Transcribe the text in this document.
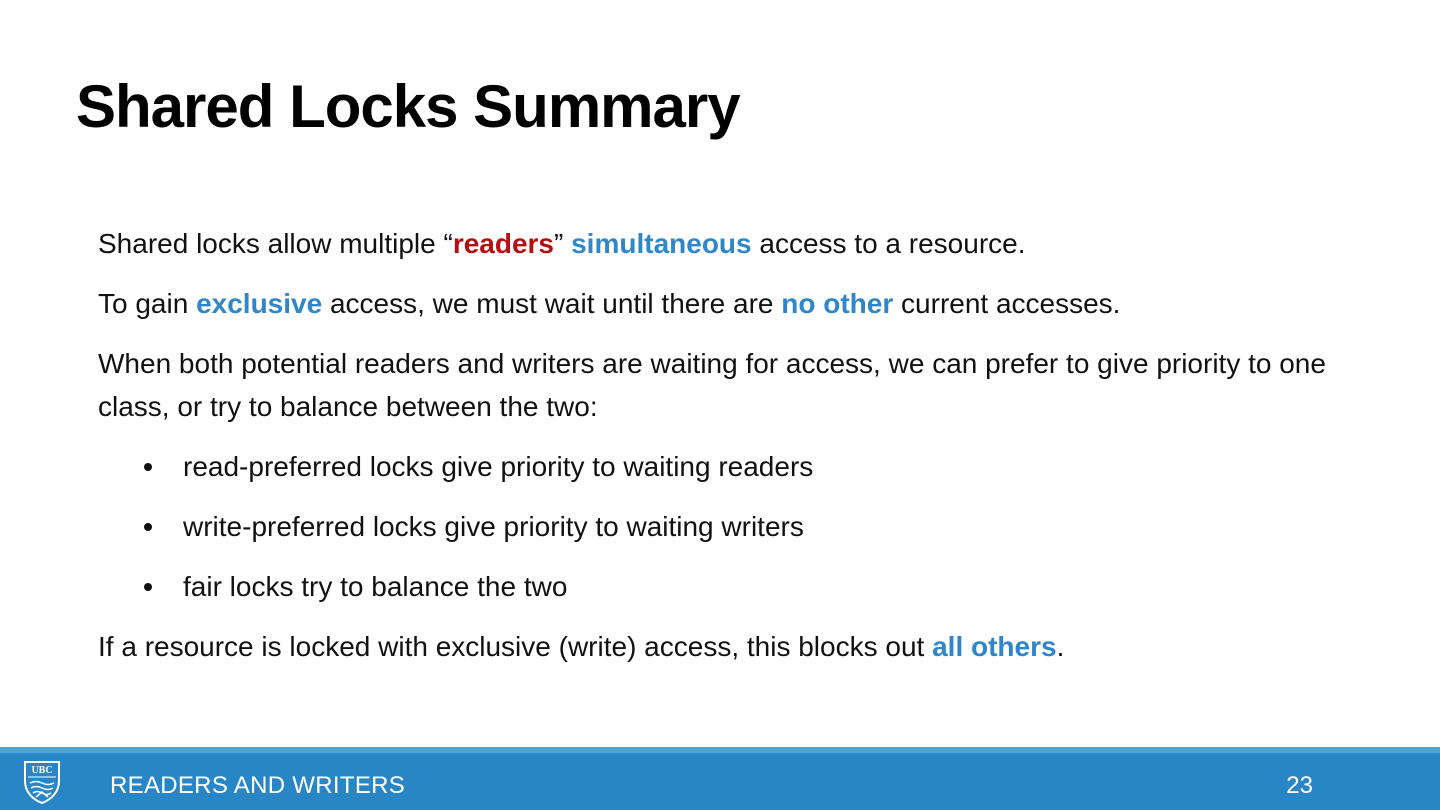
Shared Locks Summary

Shared locks allow multiple “readers” simultaneous access to a resource.

To gain exclusive access, we must wait until there are no other current accesses.

When both potential readers and writers are waiting for access, we can prefer to give priority to one class, or try to balance between the two:

read-preferred locks give priority to waiting readers
write-preferred locks give priority to waiting writers
fair locks try to balance the two

If a resource is locked with exclusive (write) access, this blocks out all others.

UBC
READERS AND WRITERS	23
